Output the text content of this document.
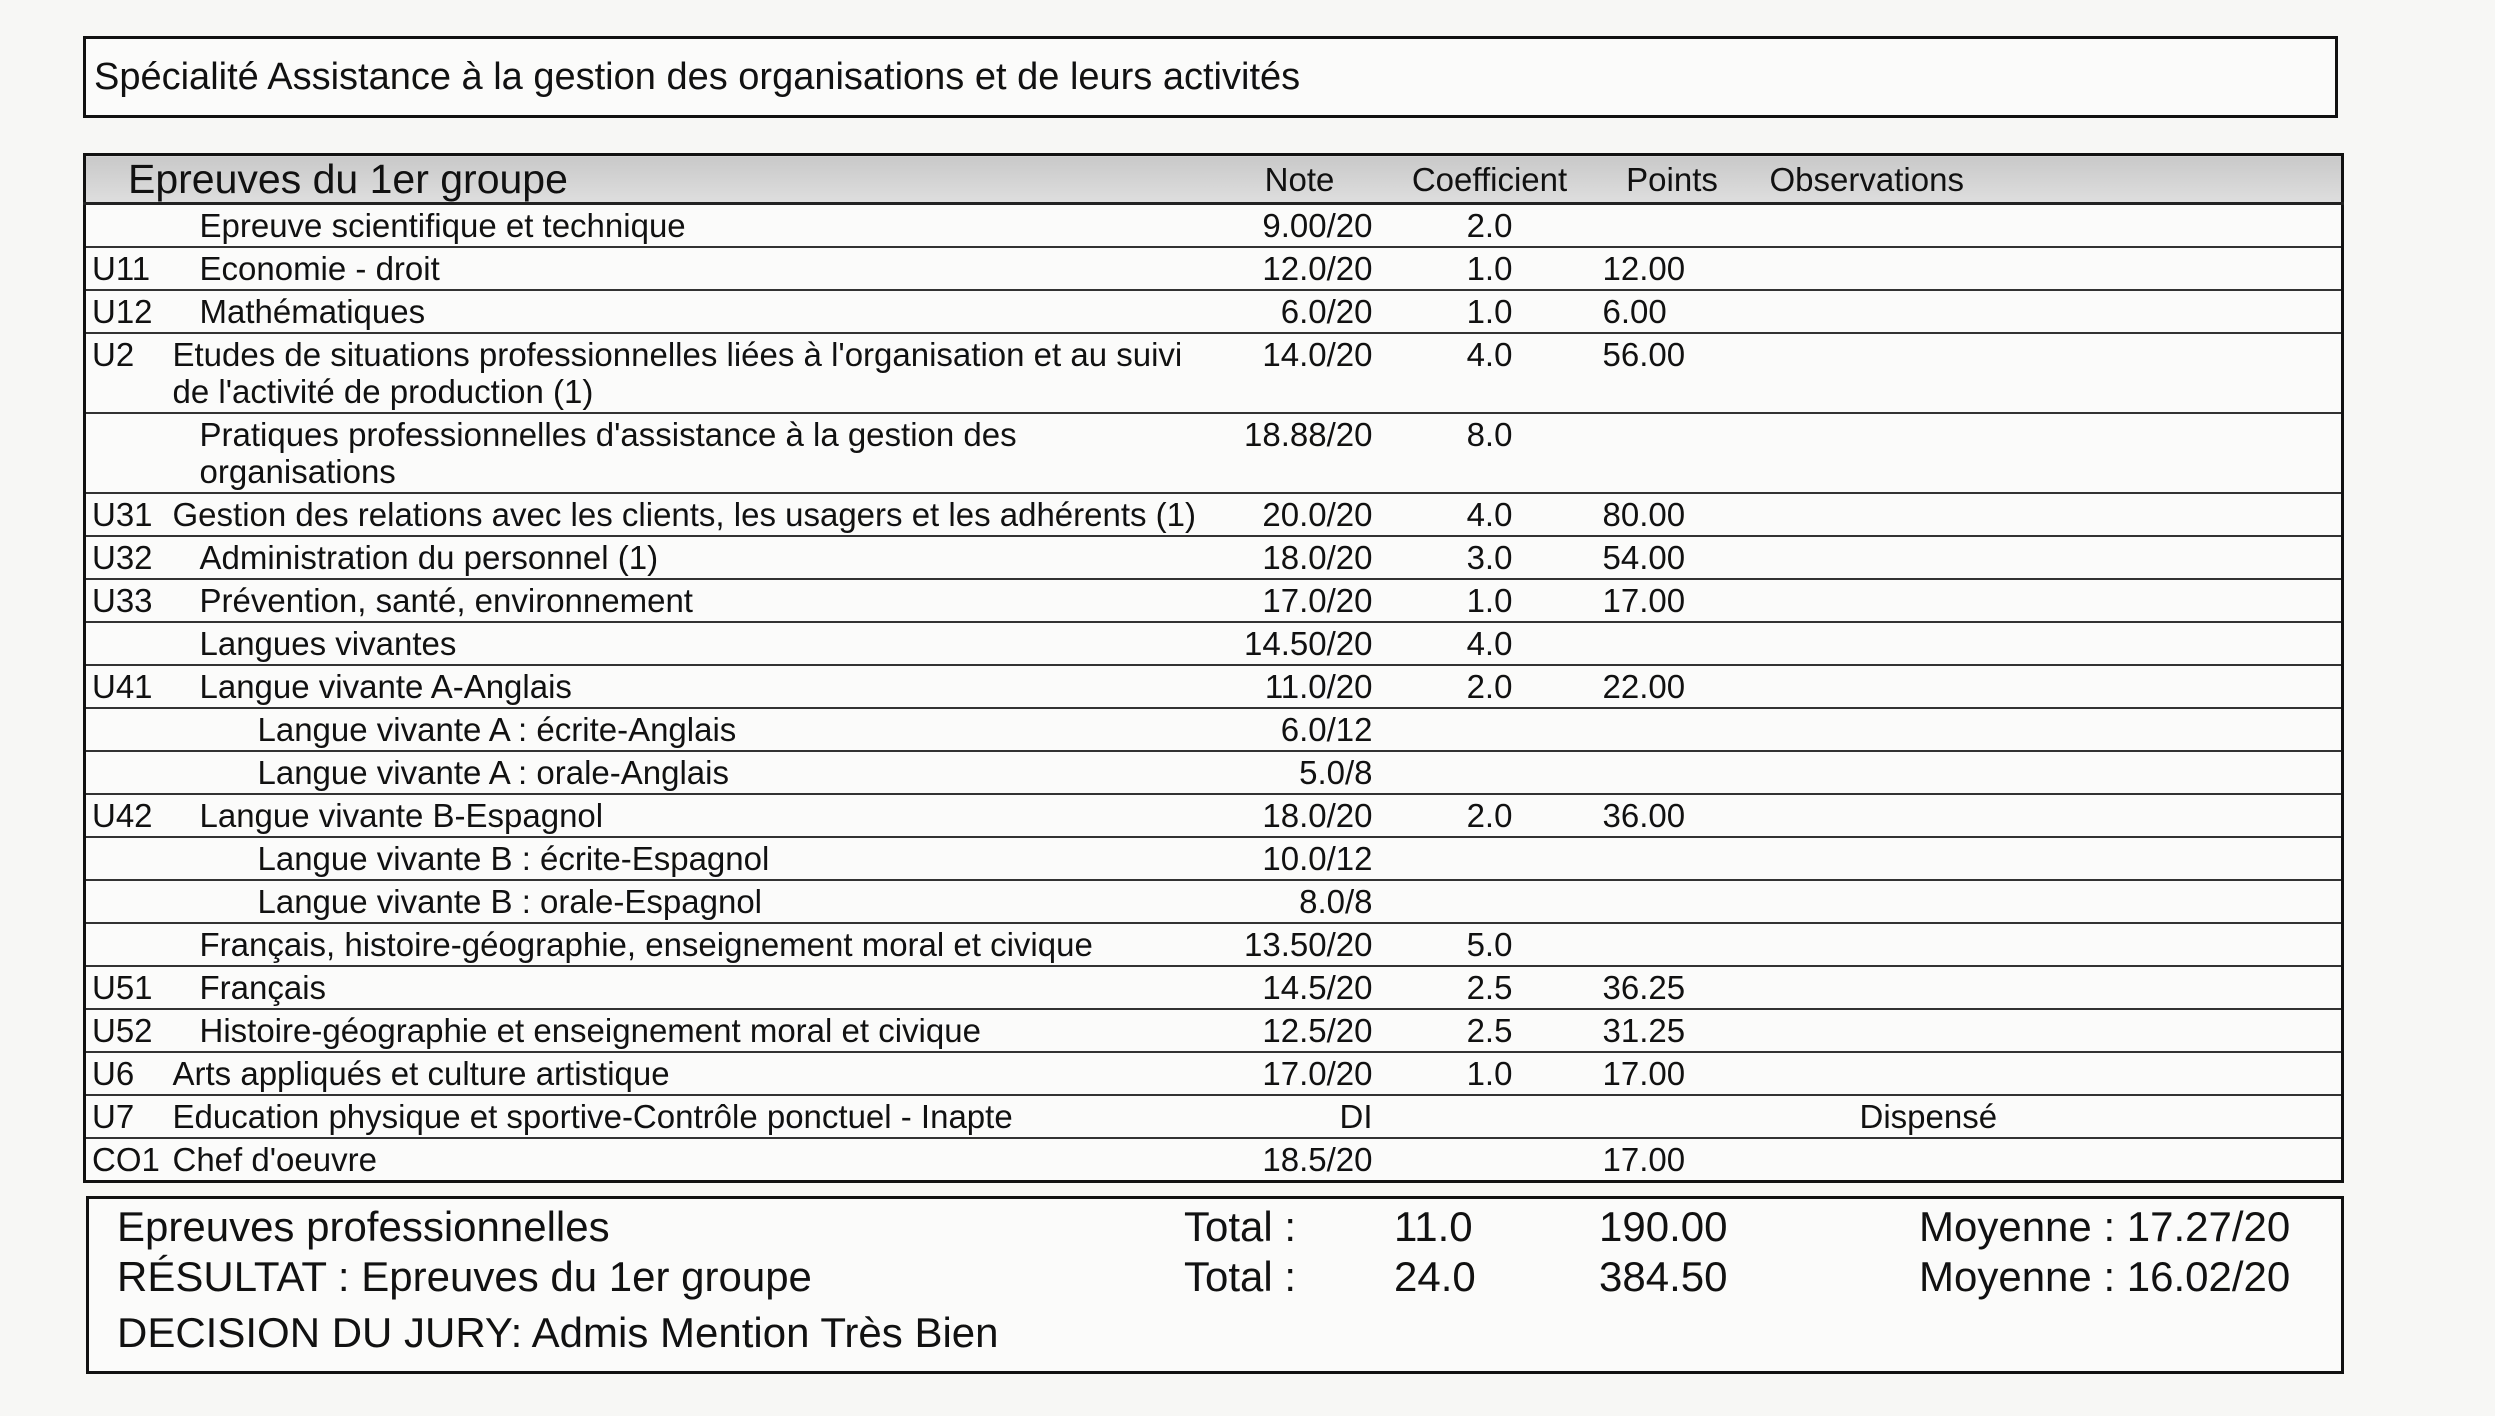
Spécialité Assistance à la gestion des organisations et de leurs activités
Epreuves du 1er groupe		Note	Coefficient	Points	Observations
	Epreuve scientifique et technique	9.00/20	2.0		
U11	Economie - droit	12.0/20	1.0	12.00	
U12	Mathématiques	6.0/20	1.0	6.00	
U2	Etudes de situations professionnelles liées à l'organisation et au suivi de l'activité de production (1)	14.0/20	4.0	56.00	
	Pratiques professionnelles d'assistance à la gestion des organisations	18.88/20	8.0		
U31	Gestion des relations avec les clients, les usagers et les adhérents (1)	20.0/20	4.0	80.00	
U32	Administration du personnel (1)	18.0/20	3.0	54.00	
U33	Prévention, santé, environnement	17.0/20	1.0	17.00	
	Langues vivantes	14.50/20	4.0		
U41	Langue vivante A-Anglais	11.0/20	2.0	22.00	
	Langue vivante A : écrite-Anglais	6.0/12			
	Langue vivante A : orale-Anglais	5.0/8			
U42	Langue vivante B-Espagnol	18.0/20	2.0	36.00	
	Langue vivante B : écrite-Espagnol	10.0/12			
	Langue vivante B : orale-Espagnol	8.0/8			
	Français, histoire-géographie, enseignement moral et civique	13.50/20	5.0		
U51	Français	14.5/20	2.5	36.25	
U52	Histoire-géographie et enseignement moral et civique	12.5/20	2.5	31.25	
U6	Arts appliqués et culture artistique	17.0/20	1.0	17.00	
U7	Education physique et sportive-Contrôle ponctuel - Inapte	DI			Dispensé
CO1	Chef d'oeuvre	18.5/20		17.00	
Epreuves professionnelles	Total : 11.0	190.00	Moyenne : 17.27/20
RÉSULTAT : Epreuves du 1er groupe	Total : 24.0	384.50	Moyenne : 16.02/20
DECISION DU JURY: Admis Mention Très Bien
